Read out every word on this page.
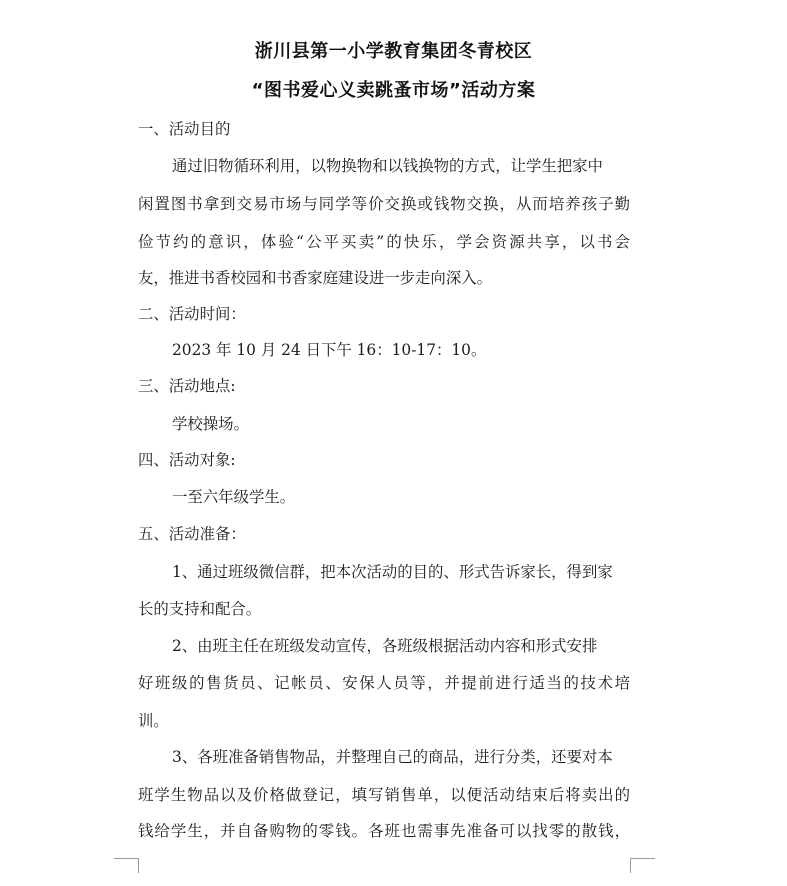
浙川县第一小学教育集团冬青校区
“图书爱心义卖跳蚤市场”活动方案
一、活动目的
通过旧物循环利用，以物换物和以钱换物的方式，让学生把家中
闲置图书拿到交易市场与同学等价交换或钱物交换，从而培养孩子勤
俭节约的意识，体验“公平买卖”的快乐，学会资源共享，以书会
友，推进书香校园和书香家庭建设进一步走向深入。
二、活动时间：
2023 年 10 月 24 日下午 16：10-17：10。
三、活动地点:
学校操场。
四、活动对象:
一至六年级学生。
五、活动准备：
1、通过班级微信群，把本次活动的目的、形式告诉家长，得到家
长的支持和配合。
2、由班主任在班级发动宣传，各班级根据活动内容和形式安排
好班级的售货员、记帐员、安保人员等，并提前进行适当的技术培
训。
3、各班准备销售物品，并整理自己的商品，进行分类，还要对本
班学生物品以及价格做登记，填写销售单，以便活动结束后将卖出的
钱给学生，并自备购物的零钱。各班也需事先准备可以找零的散钱，
